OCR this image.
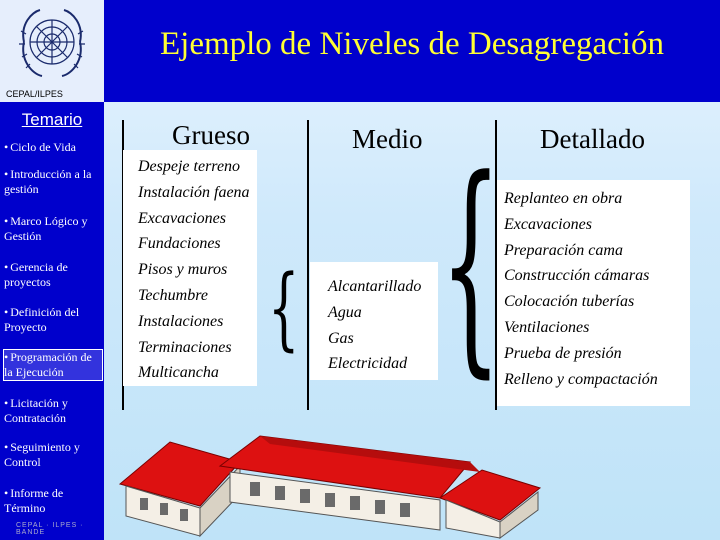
CEPAL/ILPES
Ejemplo de Niveles de Desagregación
Temario
• Ciclo de Vida
• Introducción a la gestión
• Marco Lógico y Gestión
• Gerencia de proyectos
• Definición del Proyecto
• Programación de la Ejecución
• Licitación y Contratación
• Seguimiento y Control
• Informe de Término
CEPAL · ILPES · BANDE
Grueso	Medio	Detallado
Despeje terreno
Instalación faena
Excavaciones
Fundaciones
Pisos y muros
Techumbre
Instalaciones
Terminaciones
Multicancha
{ {
Alcantarillado
Agua
Gas
Electricidad
Replanteo en obra
Excavaciones
Preparación cama
Construcción cámaras
Colocación tuberías
Ventilaciones
Prueba de presión
Relleno y compactación
